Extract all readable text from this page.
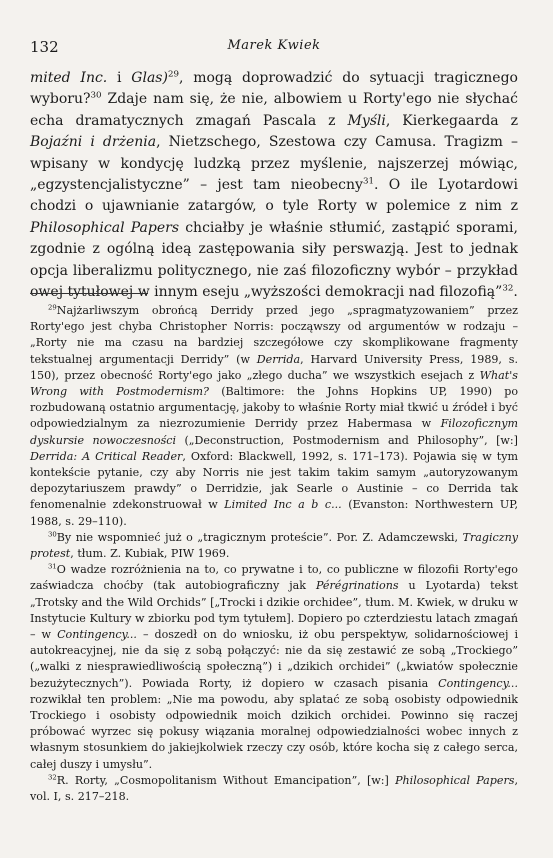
132	Marek Kwiek

mited Inc. i Glas)$^{29}$, mogą doprowadzić do sytuacji tragicznego wyboru?$^{30}$ Zdaje nam się, że nie, albowiem u Rorty'ego nie słychać echa dramatycznych zmagań Pascala z Myśli, Kierkegaarda z Bojaźni i drżenia, Nietzschego, Szestowa czy Camusa. Tragizm – wpisany w kondycję ludzką przez myślenie, najszerzej mówiąc, „egzystencjalistyczne” – jest tam nieobecny$^{31}$. O ile Lyotardowi chodzi o ujawnianie zatargów, o tyle Rorty w polemice z nim z Philosophical Papers chciałby je właśnie stłumić, zastąpić sporami, zgodnie z ogólną ideą zastępowania siły perswazją. Jest to jednak opcja liberalizmu politycznego, nie zaś filozoficzny wybór – przykład owej tytułowej w innym eseju „wyższości demokracji nad filozofią”$^{32}$.

$^{29}$Najżarliwszym obrońcą Derridy przed jego „spragmatyzowaniem” przez Rorty'ego jest chyba Christopher Norris: począwszy od argumentów w rodzaju – „Rorty nie ma czasu na bardziej szczegółowe czy skomplikowane fragmenty tekstualnej argumentacji Derridy” (w Derrida, Harvard University Press, 1989, s. 150), przez obecność Rorty'ego jako „złego ducha” we wszystkich esejach z What's Wrong with Postmodernism? (Baltimore: the Johns Hopkins UP, 1990) po rozbudowaną ostatnio argumentację, jakoby to właśnie Rorty miał tkwić u źródeł i być odpowiedzialnym za niezrozumienie Derridy przez Habermasa w Filozoficznym dyskursie nowoczesności („Deconstruction, Postmodernism and Philosophy”, [w:] Derrida: A Critical Reader, Oxford: Blackwell, 1992, s. 171–173). Pojawia się w tym kontekście pytanie, czy aby Norris nie jest takim takim samym „autoryzowanym depozytariuszem prawdy” o Derridzie, jak Searle o Austinie – co Derrida tak fenomenalnie zdekonstruował w Limited Inc a b c... (Evanston: Northwestern UP, 1988, s. 29–110).

$^{30}$By nie wspomnieć już o „tragicznym proteście”. Por. Z. Adamczewski, Tragiczny protest, tłum. Z. Kubiak, PIW 1969.

$^{31}$O wadze rozróżnienia na to, co prywatne i to, co publiczne w filozofii Rorty'ego zaświadcza choćby (tak autobiograficzny jak Pérégrinations u Lyotarda) tekst „Trotsky and the Wild Orchids” [„Trocki i dzikie orchidee”, tłum. M. Kwiek, w druku w Instytucie Kultury w zbiorku pod tym tytułem]. Dopiero po czterdziestu latach zmagań – w Contingency... – doszedł on do wniosku, iż obu perspektyw, solidarnościowej i autokreacyjnej, nie da się z sobą połączyć: nie da się zestawić ze sobą „Trockiego” („walki z niesprawiedliwością społeczną”) i „dzikich orchidei” („kwiatów społecznie bezużytecznych”). Powiada Rorty, iż dopiero w czasach pisania Contingency... rozwikłał ten problem: „Nie ma powodu, aby splatać ze sobą osobisty odpowiednik Trockiego i osobisty odpowiednik moich dzikich orchidei. Powinno się raczej próbować wyrzec się pokusy wiązania moralnej odpowiedzialności wobec innych z własnym stosunkiem do jakiejkolwiek rzeczy czy osób, które kocha się z całego serca, całej duszy i umysłu”.

$^{32}$R. Rorty, „Cosmopolitanism Without Emancipation”, [w:] Philosophical Papers, vol. I, s. 217–218.
